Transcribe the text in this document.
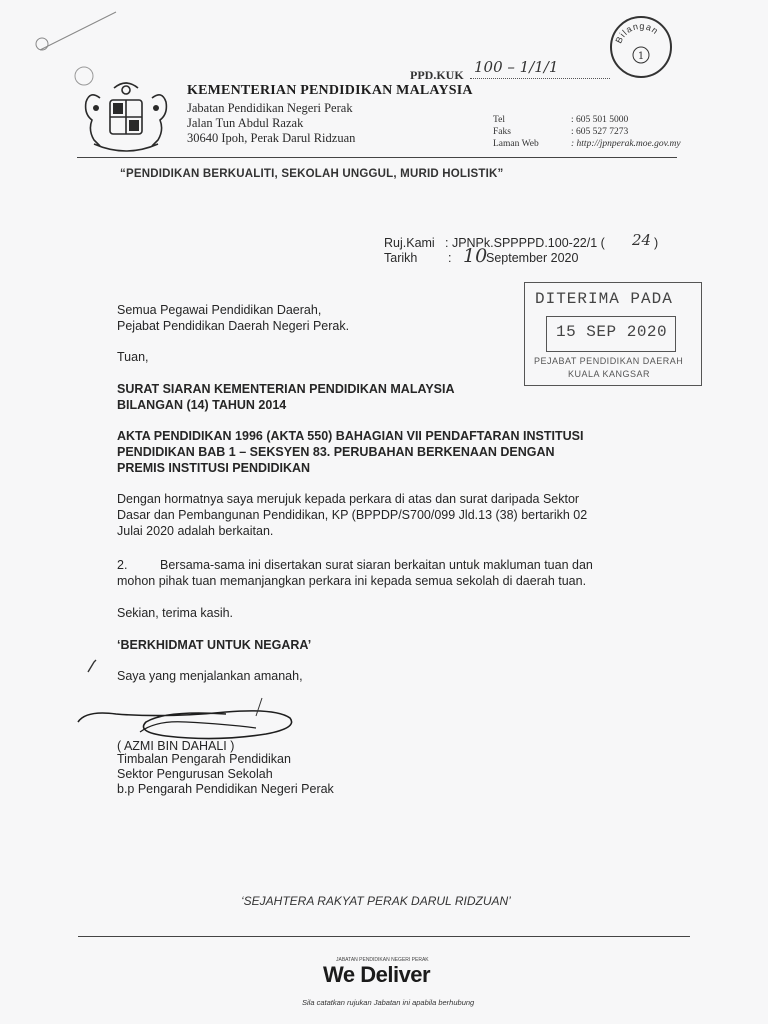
KEMENTERIAN PENDIDIKAN MALAYSIA
Jabatan Pendidikan Negeri Perak
Jalan Tun Abdul Razak
30640 Ipoh, Perak Darul Ridzuan
PPD.KUK 100 – 1/1/1
Bilangan
1
Tel	: 605 501 5000
Faks	: 605 527 7273
Laman Web	: http://jpnperak.moe.gov.my
“PENDIDIKAN BERKUALITI, SEKOLAH UNGGUL, MURID HOLISTIK”
Ruj.Kami : JPNPk.SPPPPD.100-22/1 ( 24 )
Tarikh : 10
September 2020
DITERIMA PADA
15 SEP 2020
PEJABAT PENDIDIKAN DAERAH
KUALA KANGSAR
Semua Pegawai Pendidikan Daerah,
Pejabat Pendidikan Daerah Negeri Perak.
Tuan,
SURAT SIARAN KEMENTERIAN PENDIDIKAN MALAYSIA
BILANGAN (14) TAHUN 2014
AKTA PENDIDIKAN 1996 (AKTA 550) BAHAGIAN VII PENDAFTARAN INSTITUSI
PENDIDIKAN BAB 1 – SEKSYEN 83. PERUBAHAN BERKENAAN DENGAN
PREMIS INSTITUSI PENDIDIKAN
Dengan hormatnya saya merujuk kepada perkara di atas dan surat daripada Sektor
Dasar dan Pembangunan Pendidikan, KP (BPPDP/S700/099 Jld.13 (38) bertarikh 02
Julai 2020 adalah berkaitan.
2.	Bersama-sama ini disertakan surat siaran berkaitan untuk makluman tuan dan
mohon pihak tuan memanjangkan perkara ini kepada semua sekolah di daerah tuan.
Sekian, terima kasih.
‘BERKHIDMAT UNTUK NEGARA’
Saya yang menjalankan amanah,
( AZMI BIN DAHALI )
Timbalan Pengarah Pendidikan
Sektor Pengurusan Sekolah
b.p Pengarah Pendidikan Negeri Perak
‘SEJAHTERA RAKYAT PERAK DARUL RIDZUAN’
JABATAN PENDIDIKAN NEGERI PERAK
We Deliver
Sila catatkan rujukan Jabatan ini apabila berhubung
